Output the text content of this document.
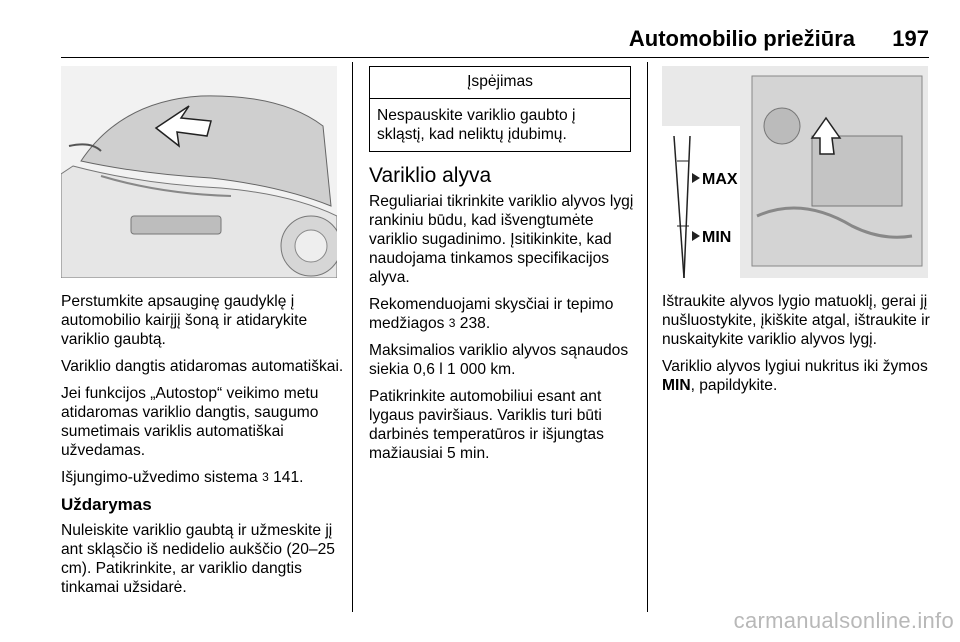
Automobilio priežiūra 197

Perstumkite apsauginę gaudyklę į automobilio kairįjį šoną ir atidarykite variklio gaubtą.

Variklio dangtis atidaromas automatiškai.

Jei funkcijos „Autostop“ veikimo metu atidaromas variklio dangtis, saugumo sumetimais variklis automatiškai užvedamas.

Išjungimo-užvedimo sistema 3 141.

Uždarymas

Nuleiskite variklio gaubtą ir užmeskite jį ant skląsčio iš nedidelio aukščio (20–25 cm). Patikrinkite, ar variklio dangtis tinkamai užsidarė.

Įspėjimas
Nespauskite variklio gaubto į skląstį, kad neliktų įdubimų.
Variklio alyva

Reguliariai tikrinkite variklio alyvos lygį rankiniu būdu, kad išvengtumėte variklio sugadinimo. Įsitikinkite, kad naudojama tinkamos specifikacijos alyva.

Rekomenduojami skysčiai ir tepimo medžiagos 3 238.

Maksimalios variklio alyvos sąnaudos siekia 0,6 l 1 000 km.

Patikrinkite automobiliui esant ant lygaus paviršiaus. Variklis turi būti darbinės temperatūros ir išjungtas mažiausiai 5 min.

MAX
MIN

Ištraukite alyvos lygio matuoklį, gerai jį nušluostykite, įkiškite atgal, ištraukite ir nuskaitykite variklio alyvos lygį.

Variklio alyvos lygiui nukritus iki žymos MIN, papildykite.

carmanualsonline.info
